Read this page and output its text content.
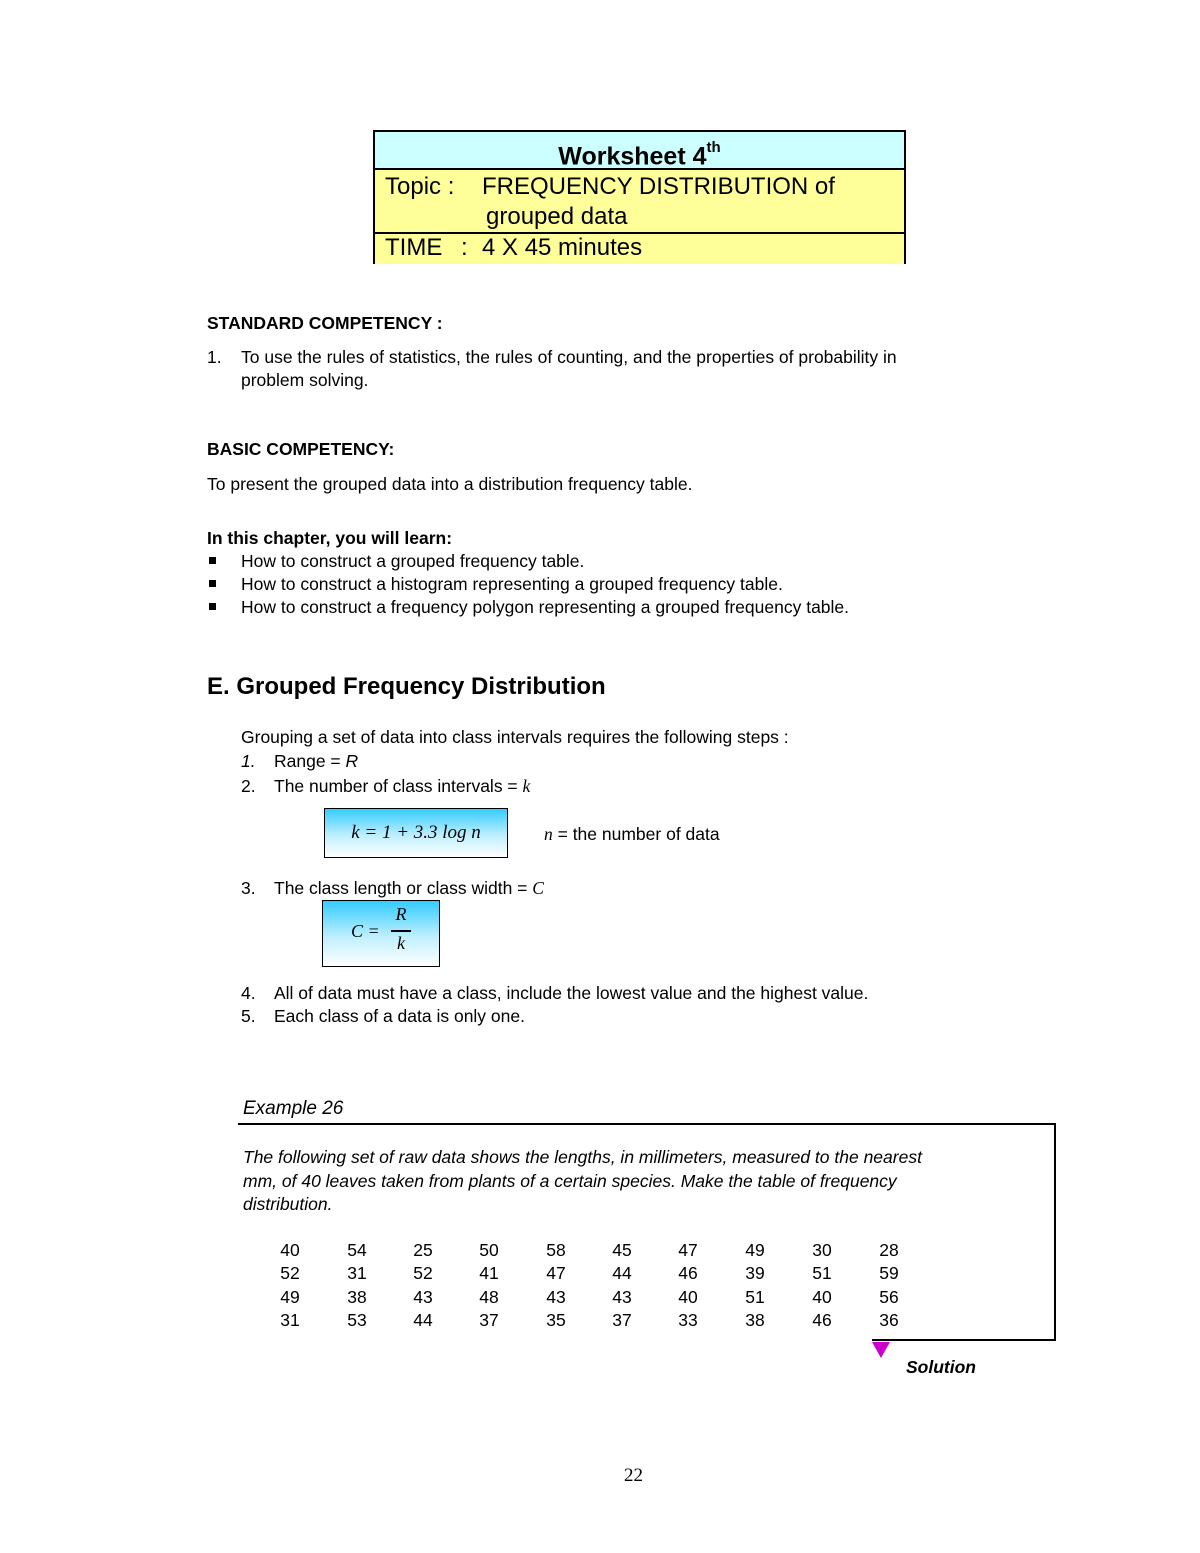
Worksheet 4th
Topic : FREQUENCY DISTRIBUTION of
grouped data
TIME : 4 X 45 minutes
STANDARD COMPETENCY :
1. To use the rules of statistics, the rules of counting, and the properties of probability in
problem solving.
BASIC COMPETENCY:
To present the grouped data into a distribution frequency table.
In this chapter, you will learn:
How to construct a grouped frequency table.
How to construct a histogram representing a grouped frequency table.
How to construct a frequency polygon representing a grouped frequency table.
E. Grouped Frequency Distribution
Grouping a set of data into class intervals requires the following steps :
1. Range = R
2. The number of class intervals = k
k = 1 + 3.3 log n	n = the number of data
3. The class length or class width = C
C =
R
k
4. All of data must have a class, include the lowest value and the highest value.
5. Each class of a data is only one.
Example 26
The following set of raw data shows the lengths, in millimeters, measured to the nearest
mm, of 40 leaves taken from plants of a certain species. Make the table of frequency
distribution.
40	54	25	50	58	45	47	49	30	28
52	31	52	41	47	44	46	39	51	59
49	38	43	48	43	43	40	51	40	56
31	53	44	37	35	37	33	38	46	36
Solution
22
